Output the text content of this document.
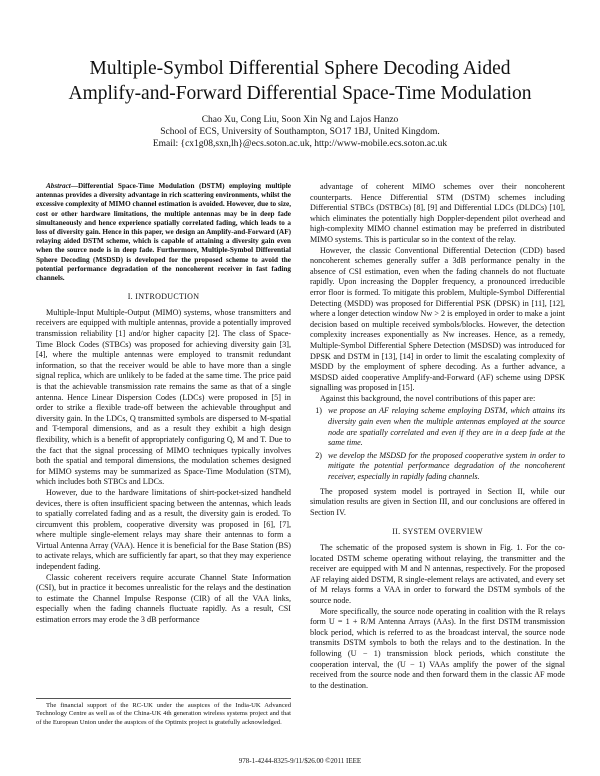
Multiple-Symbol Differential Sphere Decoding Aided
Amplify-and-Forward Differential Space-Time Modulation
Chao Xu, Cong Liu, Soon Xin Ng and Lajos Hanzo
School of ECS, University of Southampton, SO17 1BJ, United Kingdom.
Email: {cx1g08,sxn,lh}@ecs.soton.ac.uk, http://www-mobile.ecs.soton.ac.uk

Abstract—Differential Space-Time Modulation (DSTM) employing multiple antennas provides a diversity advantage in rich scattering environments, whilst the excessive complexity of MIMO channel estimation is avoided. However, due to size, cost or other hardware limitations, the multiple antennas may be in deep fade simultaneously and hence experience spatially correlated fading, which leads to a loss of diversity gain. Hence in this paper, we design an Amplify-and-Forward (AF) relaying aided DSTM scheme, which is capable of attaining a diversity gain even when the source node is in deep fade. Furthermore, Multiple-Symbol Differential Sphere Decoding (MSDSD) is developed for the proposed scheme to avoid the potential performance degradation of the noncoherent receiver in fast fading channels.

I. INTRODUCTION

Multiple-Input Multiple-Output (MIMO) systems, whose transmitters and receivers are equipped with multiple antennas, provide a potentially improved transmission reliability [1] and/or higher capacity [2]. The class of Space-Time Block Codes (STBCs) was proposed for achieving diversity gain [3], [4], where the multiple antennas were employed to transmit redundant information, so that the receiver would be able to have more than a single signal replica, which are unlikely to be faded at the same time. The price paid is that the achievable transmission rate remains the same as that of a single antenna. Hence Linear Dispersion Codes (LDCs) were proposed in [5] in order to strike a flexible trade-off between the achievable throughput and diversity gain. In the LDCs, Q transmitted symbols are dispersed to M-spatial and T-temporal dimensions, and as a result they exhibit a high design flexibility, which is a benefit of appropriately configuring Q, M and T. Due to the fact that the signal processing of MIMO techniques typically involves both the spatial and temporal dimensions, the modulation schemes designed for MIMO systems may be summarized as Space-Time Modulation (STM), which includes both STBCs and LDCs.

However, due to the hardware limitations of shirt-pocket-sized handheld devices, there is often insufficient spacing between the antennas, which leads to spatially correlated fading and as a result, the diversity gain is eroded. To circumvent this problem, cooperative diversity was proposed in [6], [7], where multiple single-element relays may share their antennas to form a Virtual Antenna Array (VAA). Hence it is beneficial for the Base Station (BS) to activate relays, which are sufficiently far apart, so that they may experience independent fading.

Classic coherent receivers require accurate Channel State Information (CSI), but in practice it becomes unrealistic for the relays and the destination to estimate the Channel Impulse Response (CIR) of all the VAA links, especially when the fading channels fluctuate rapidly. As a result, CSI estimation errors may erode the 3 dB performance

The financial support of the RC-UK under the auspices of the India-UK Advanced Technology Centre as well as of the China-UK 4th generation wireless systems project and that of the European Union under the auspices of the Optimix project is gratefully acknowledged.

advantage of coherent MIMO schemes over their noncoherent counterparts. Hence Differential STM (DSTM) schemes including Differential STBCs (DSTBCs) [8], [9] and Differential LDCs (DLDCs) [10], which eliminates the potentially high Doppler-dependent pilot overhead and high-complexity MIMO channel estimation may be preferred in distributed MIMO systems. This is particular so in the context of the relay.

However, the classic Conventional Differential Detection (CDD) based noncoherent schemes generally suffer a 3dB performance penalty in the absence of CSI estimation, even when the fading channels do not fluctuate rapidly. Upon increasing the Doppler frequency, a pronounced irreducible error floor is formed. To mitigate this problem, Multiple-Symbol Differential Detecting (MSDD) was proposed for Differential PSK (DPSK) in [11], [12], where a longer detection window Nw > 2 is employed in order to make a joint decision based on multiple received symbols/blocks. However, the detection complexity increases exponentially as Nw increases. Hence, as a remedy, Multiple-Symbol Differential Sphere Detection (MSDSD) was introduced for DPSK and DSTM in [13], [14] in order to limit the escalating complexity of MSDD by the employment of sphere decoding. As a further advance, a MSDSD aided cooperative Amplify-and-Forward (AF) scheme using DPSK signalling was proposed in [15].

Against this background, the novel contributions of this paper are:

1) we propose an AF relaying scheme employing DSTM, which attains its diversity gain even when the multiple antennas employed at the source node are spatially correlated and even if they are in a deep fade at the same time.
2) we develop the MSDSD for the proposed cooperative system in order to mitigate the potential performance degradation of the noncoherent receiver, especially in rapidly fading channels.

The proposed system model is portrayed in Section II, while our simulation results are given in Section III, and our conclusions are offered in Section IV.

II. SYSTEM OVERVIEW

The schematic of the proposed system is shown in Fig. 1. For the co-located DSTM scheme operating without relaying, the transmitter and the receiver are equipped with M and N antennas, respectively. For the proposed AF relaying aided DSTM, R single-element relays are activated, and every set of M relays forms a VAA in order to forward the DSTM symbols of the source node.

More specifically, the source node operating in coalition with the R relays form U = 1 + R/M Antenna Arrays (AAs). In the first DSTM transmission block period, which is referred to as the broadcast interval, the source node transmits DSTM symbols to both the relays and to the destination. In the following (U − 1) transmission block periods, which constitute the cooperation interval, the (U − 1) VAAs amplify the power of the signal received from the source node and then forward them in the classic AF mode to the destination.

978-1-4244-8325-9/11/$26.00 ©2011 IEEE
